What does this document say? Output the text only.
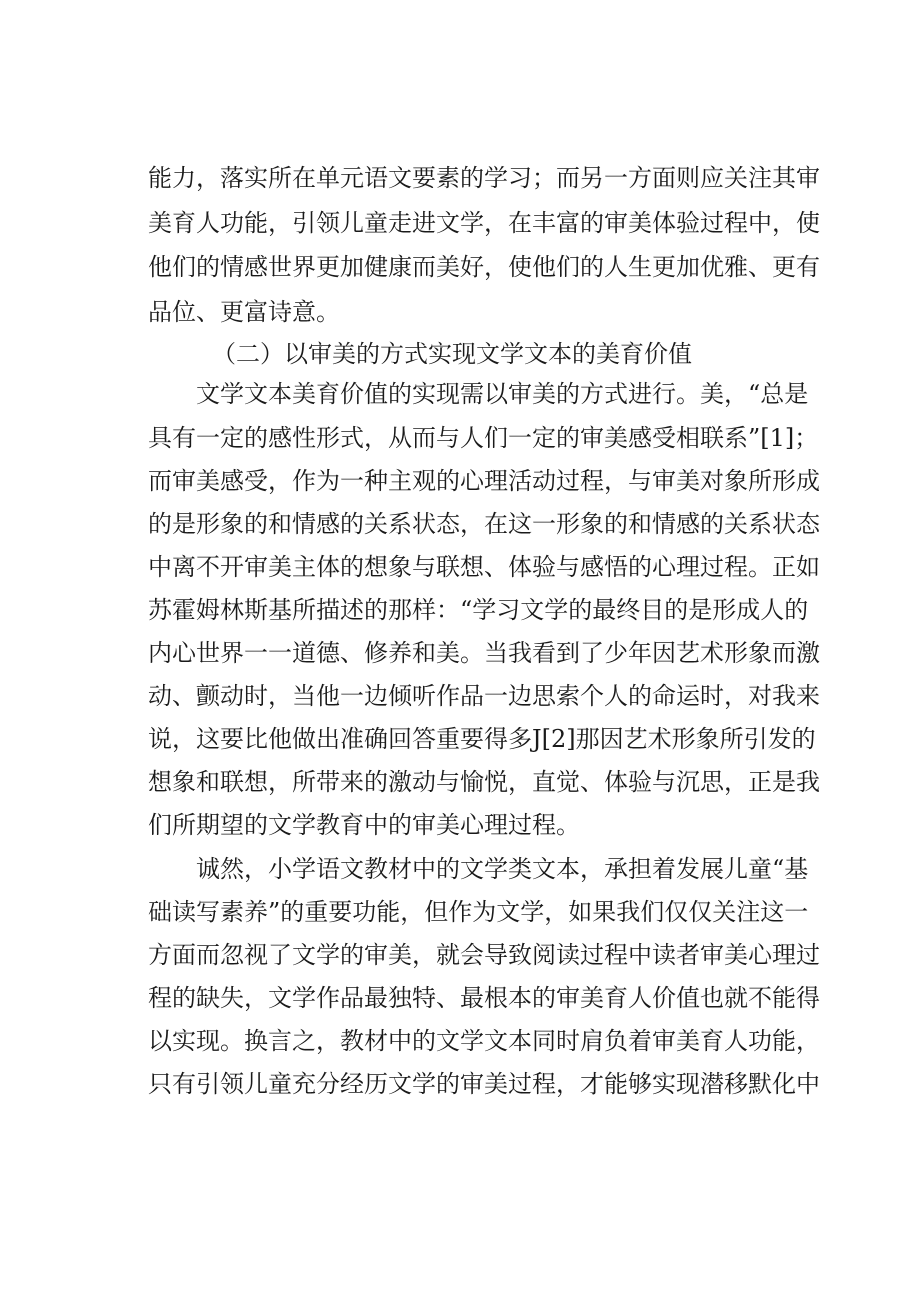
能力，落实所在单元语文要素的学习；而另一方面则应关注其审
美育人功能，引领儿童走进文学，在丰富的审美体验过程中，使
他们的情感世界更加健康而美好，使他们的人生更加优雅、更有
品位、更富诗意。
（二）以审美的方式实现文学文本的美育价值
文学文本美育价值的实现需以审美的方式进行。美，“总是
具有一定的感性形式，从而与人们一定的审美感受相联系”[1]；
而审美感受，作为一种主观的心理活动过程，与审美对象所形成
的是形象的和情感的关系状态，在这一形象的和情感的关系状态
中离不开审美主体的想象与联想、体验与感悟的心理过程。正如
苏霍姆林斯基所描述的那样：“学习文学的最终目的是形成人的
内心世界一一道德、修养和美。当我看到了少年因艺术形象而激
动、颤动时，当他一边倾听作品一边思索个人的命运时，对我来
说，这要比他做出准确回答重要得多J[2]那因艺术形象所引发的
想象和联想，所带来的激动与愉悦，直觉、体验与沉思，正是我
们所期望的文学教育中的审美心理过程。
诚然，小学语文教材中的文学类文本，承担着发展儿童“基
础读写素养”的重要功能，但作为文学，如果我们仅仅关注这一
方面而忽视了文学的审美，就会导致阅读过程中读者审美心理过
程的缺失，文学作品最独特、最根本的审美育人价值也就不能得
以实现。换言之，教材中的文学文本同时肩负着审美育人功能，
只有引领儿童充分经历文学的审美过程，才能够实现潜移默化中
